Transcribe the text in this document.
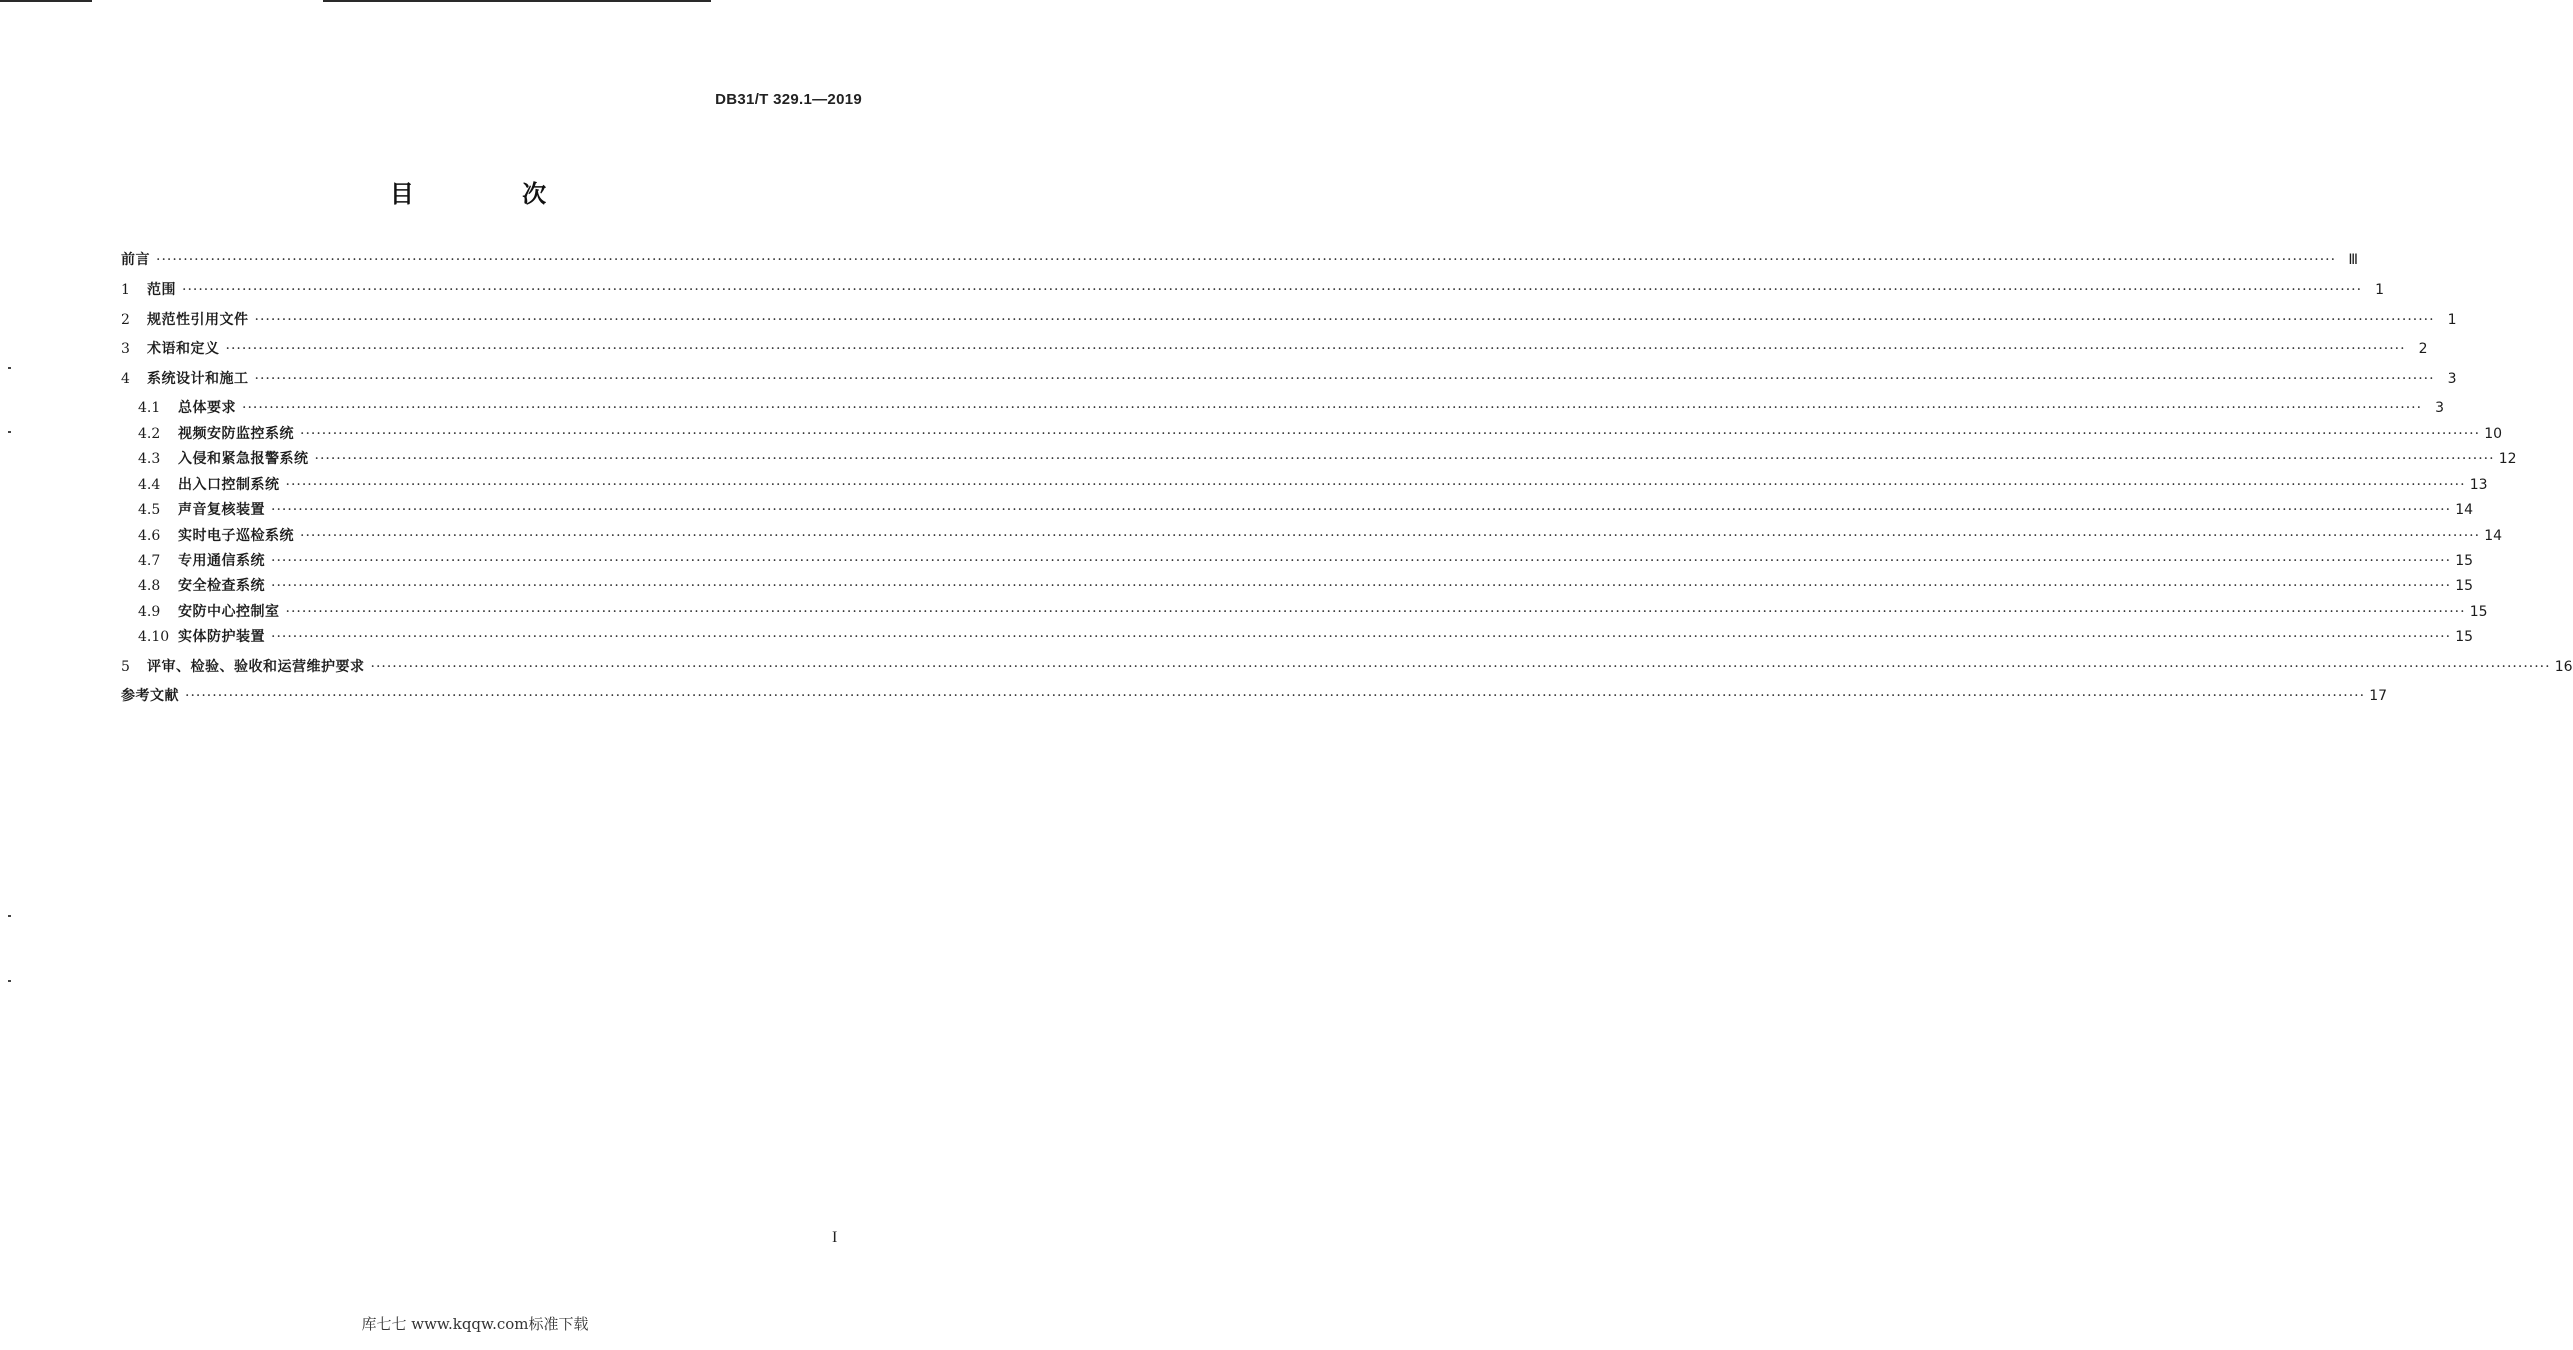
DB31/T 329.1—2019
目 次
前言 ················································································································································································································································································································································································································ Ⅲ
1	范围 ················································································································································································································································································································································································································ 1
2	规范性引用文件 ················································································································································································································································································································································································································ 1
3	术语和定义 ················································································································································································································································································································································································································ 2
4	系统设计和施工 ················································································································································································································································································································································································································ 3
4.1	总体要求 ················································································································································································································································································································································································································ 3
4.2	视频安防监控系统 ················································································································································································································································································································································································································ 10
4.3	入侵和紧急报警系统 ················································································································································································································································································································································································································ 12
4.4	出入口控制系统 ················································································································································································································································································································································································································ 13
4.5	声音复核装置 ················································································································································································································································································································································································································ 14
4.6	实时电子巡检系统 ················································································································································································································································································································································································································ 14
4.7	专用通信系统 ················································································································································································································································································································································································································ 15
4.8	安全检查系统 ················································································································································································································································································································································································································ 15
4.9	安防中心控制室 ················································································································································································································································································································································································································ 15
4.10 实体防护装置 ················································································································································································································································································································································································································ 15
5	评审、检验、验收和运营维护要求 ················································································································································································································································································································································································································ 16
参考文献 ················································································································································································································································································································································································································ 17
I
库七七 www.kqqw.com标准下载
